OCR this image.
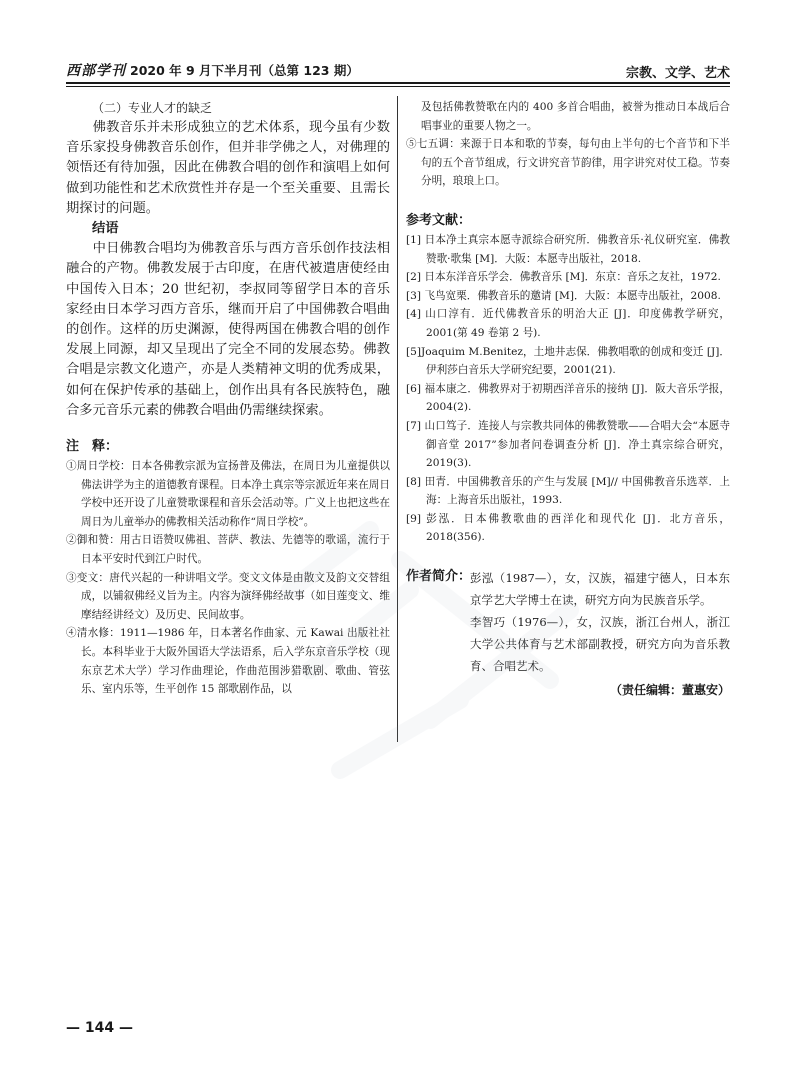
西部学刊 2020 年 9 月下半月刊（总第 123 期）	宗教、文学、艺术
（二）专业人才的缺乏

佛教音乐并未形成独立的艺术体系，现今虽有少数音乐家投身佛教音乐创作，但并非学佛之人，对佛理的领悟还有待加强，因此在佛教合唱的创作和演唱上如何做到功能性和艺术欣赏性并存是一个至关重要、且需长期探讨的问题。

结语

中日佛教合唱均为佛教音乐与西方音乐创作技法相融合的产物。佛教发展于古印度，在唐代被遣唐使经由中国传入日本；20 世纪初，李叔同等留学日本的音乐家经由日本学习西方音乐，继而开启了中国佛教合唱曲的创作。这样的历史渊源，使得两国在佛教合唱的创作发展上同源，却又呈现出了完全不同的发展态势。佛教合唱是宗教文化遗产，亦是人类精神文明的优秀成果，如何在保护传承的基础上，创作出具有各民族特色，融合多元音乐元素的佛教合唱曲仍需继续探索。

注　释：

①周日学校：日本各佛教宗派为宣扬普及佛法，在周日为儿童提供以佛法讲学为主的道德教育课程。日本净土真宗等宗派近年来在周日学校中还开设了儿童赞歌课程和音乐会活动等。广义上也把这些在周日为儿童举办的佛教相关活动称作“周日学校”。

②御和赞：用古日语赞叹佛祖、菩萨、教法、先德等的歌谣，流行于日本平安时代到江户时代。

③变文：唐代兴起的一种讲唱文学。变文文体是由散文及韵文交替组成，以铺叙佛经义旨为主。内容为演绎佛经故事（如目莲变文、维摩结经讲经文）及历史、民间故事。

④清水修：1911—1986 年，日本著名作曲家、元 Kawai 出版社社长。本科毕业于大阪外国语大学法语系，后入学东京音乐学校（现东京艺术大学）学习作曲理论，作曲范围涉猎歌剧、歌曲、管弦乐、室内乐等，生平创作 15 部歌剧作品，以

及包括佛教赞歌在内的 400 多首合唱曲，被誉为推动日本战后合唱事业的重要人物之一。

⑤七五调：来源于日本和歌的节奏，每句由上半句的七个音节和下半句的五个音节组成，行文讲究音节韵律，用字讲究对仗工稳。节奏分明，琅琅上口。

参考文献：

[1] 日本净土真宗本愿寺派综合研究所．佛教音乐·礼仪研究室．佛教赞歌·歌集 [M]．大阪：本愿寺出版社，2018.

[2] 日本东洋音乐学会．佛教音乐 [M]．东京：音乐之友社，1972.

[3] 飞鸟宽栗．佛教音乐的邀请 [M]．大阪：本愿寺出版社，2008.

[4] 山口淳有．近代佛教音乐的明治大正 [J]．印度佛教学研究，2001(第 49 卷第 2 号).

[5]Joaquim M.Benitez，土地井志保．佛教唱歌的创成和变迁 [J]．伊利莎白音乐大学研究纪要，2001(21).

[6] 福本康之．佛教界对于初期西洋音乐的接纳 [J]．阪大音乐学报，2004(2).

[7] 山口笃子．连接人与宗教共同体的佛教赞歌——合唱大会“本愿寺御音堂 2017”参加者问卷调查分析 [J]．净土真宗综合研究，2019(3).

[8] 田青．中国佛教音乐的产生与发展 [M]// 中国佛教音乐选萃．上海：上海音乐出版社，1993.

[9] 彭泓．日本佛教歌曲的西洋化和现代化 [J]．北方音乐，2018(356).

作者简介：

彭泓（1987—），女，汉族，福建宁德人，日本东京学艺大学博士在读，研究方向为民族音乐学。

李智巧（1976—），女，汉族，浙江台州人，浙江大学公共体育与艺术部副教授，研究方向为音乐教育、合唱艺术。

（责任编辑：董惠安）
— 144 —
